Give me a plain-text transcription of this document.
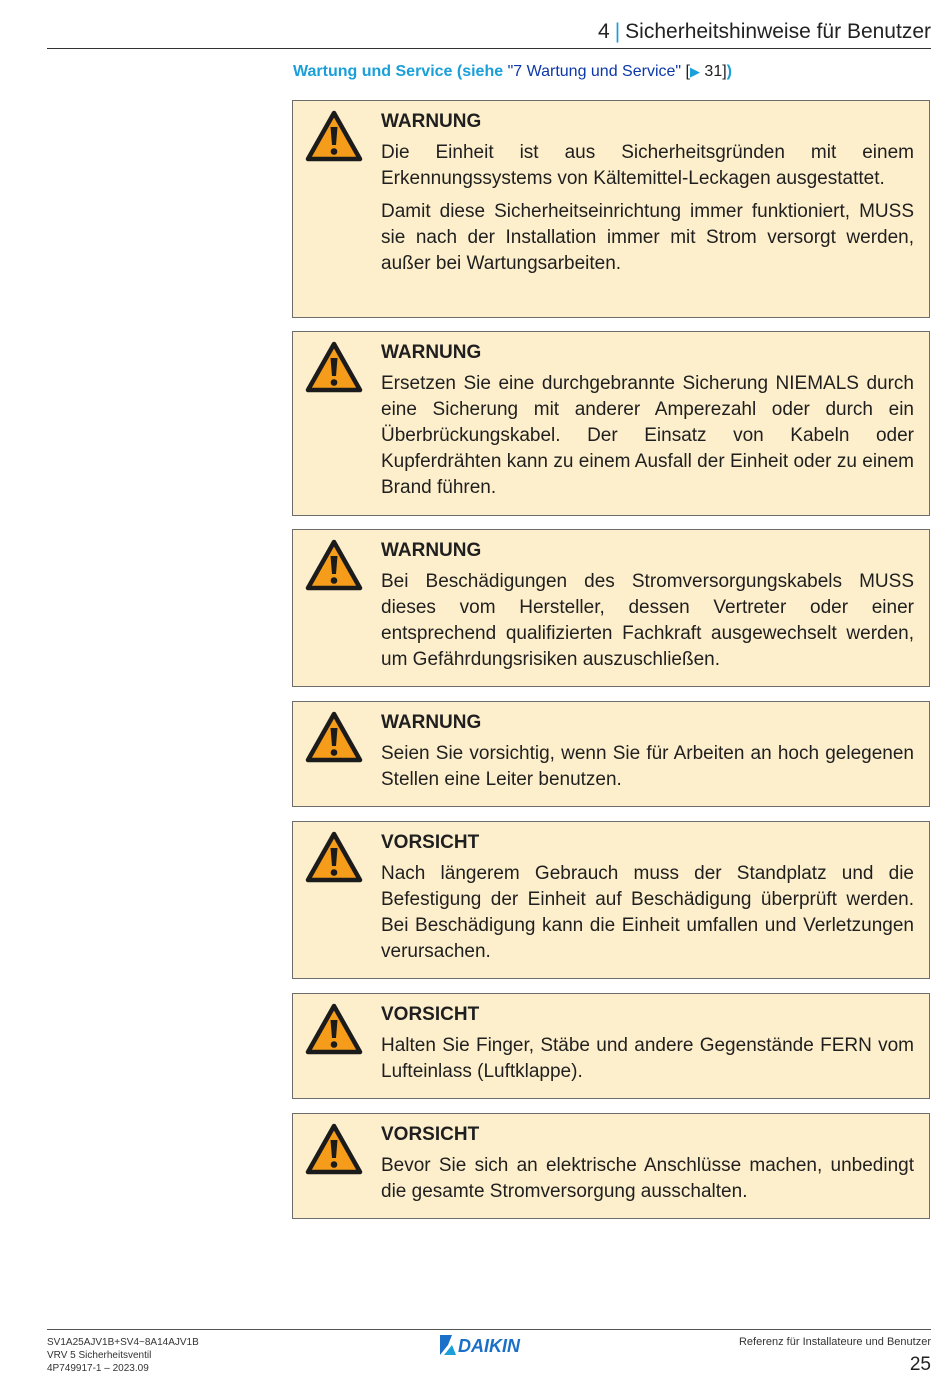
4 | Sicherheitshinweise für Benutzer
Wartung und Service (siehe "7 Wartung und Service" [▶ 31])
WARNUNG

Die Einheit ist aus Sicherheitsgründen mit einem Erkennungssystems von Kältemittel-Leckagen ausgestattet.

Damit diese Sicherheitseinrichtung immer funktioniert, MUSS sie nach der Installation immer mit Strom versorgt werden, außer bei Wartungsarbeiten.

WARNUNG

Ersetzen Sie eine durchgebrannte Sicherung NIEMALS durch eine Sicherung mit anderer Amperezahl oder durch ein Überbrückungskabel. Der Einsatz von Kabeln oder Kupferdrähten kann zu einem Ausfall der Einheit oder zu einem Brand führen.

WARNUNG

Bei Beschädigungen des Stromversorgungskabels MUSS dieses vom Hersteller, dessen Vertreter oder einer entsprechend qualifizierten Fachkraft ausgewechselt werden, um Gefährdungsrisiken auszuschließen.

WARNUNG

Seien Sie vorsichtig, wenn Sie für Arbeiten an hoch gelegenen Stellen eine Leiter benutzen.

VORSICHT

Nach längerem Gebrauch muss der Standplatz und die Befestigung der Einheit auf Beschädigung überprüft werden. Bei Beschädigung kann die Einheit umfallen und Verletzungen verursachen.

VORSICHT

Halten Sie Finger, Stäbe und andere Gegenstände FERN vom Lufteinlass (Luftklappe).

VORSICHT

Bevor Sie sich an elektrische Anschlüsse machen, unbedingt die gesamte Stromversorgung ausschalten.

SV1A25AJV1B+SV4~8A14AJV1B
VRV 5 Sicherheitsventil
4P749917-1 – 2023.09
DAIKIN	Referenz für Installateure und Benutzer
25
